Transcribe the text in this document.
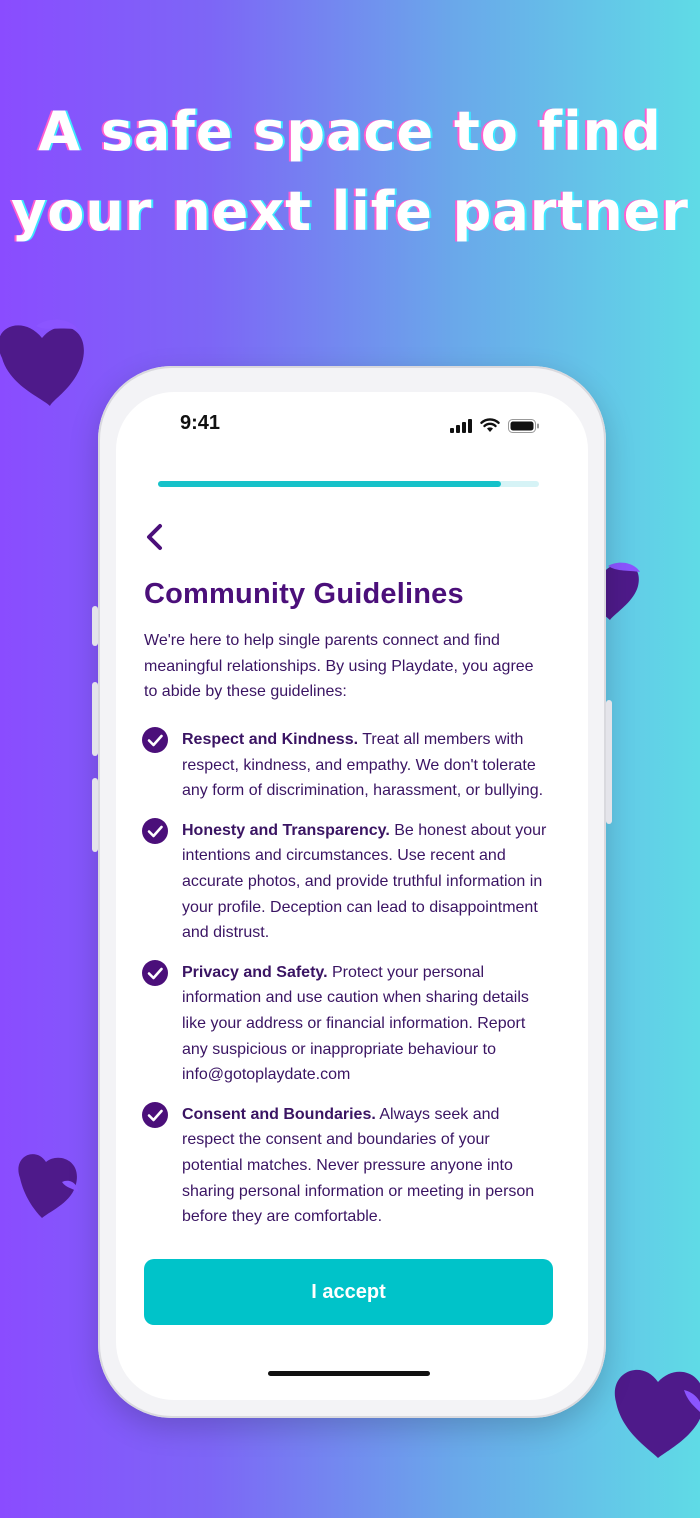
A safe space to find
your next life partner
9:41
Community Guidelines
We're here to help single parents connect and find meaningful relationships. By using Playdate, you agree to abide by these guidelines:
Respect and Kindness. Treat all members with respect, kindness, and empathy. We don't tolerate any form of discrimination, harassment, or bullying.
Honesty and Transparency. Be honest about your intentions and circumstances. Use recent and accurate photos, and provide truthful information in your profile. Deception can lead to disappointment and distrust.
Privacy and Safety. Protect your personal information and use caution when sharing details like your address or financial information. Report any suspicious or inappropriate behaviour to info@gotoplaydate.com
Consent and Boundaries. Always seek and respect the consent and boundaries of your potential matches. Never pressure anyone into sharing personal information or meeting in person before they are comfortable.
I accept
